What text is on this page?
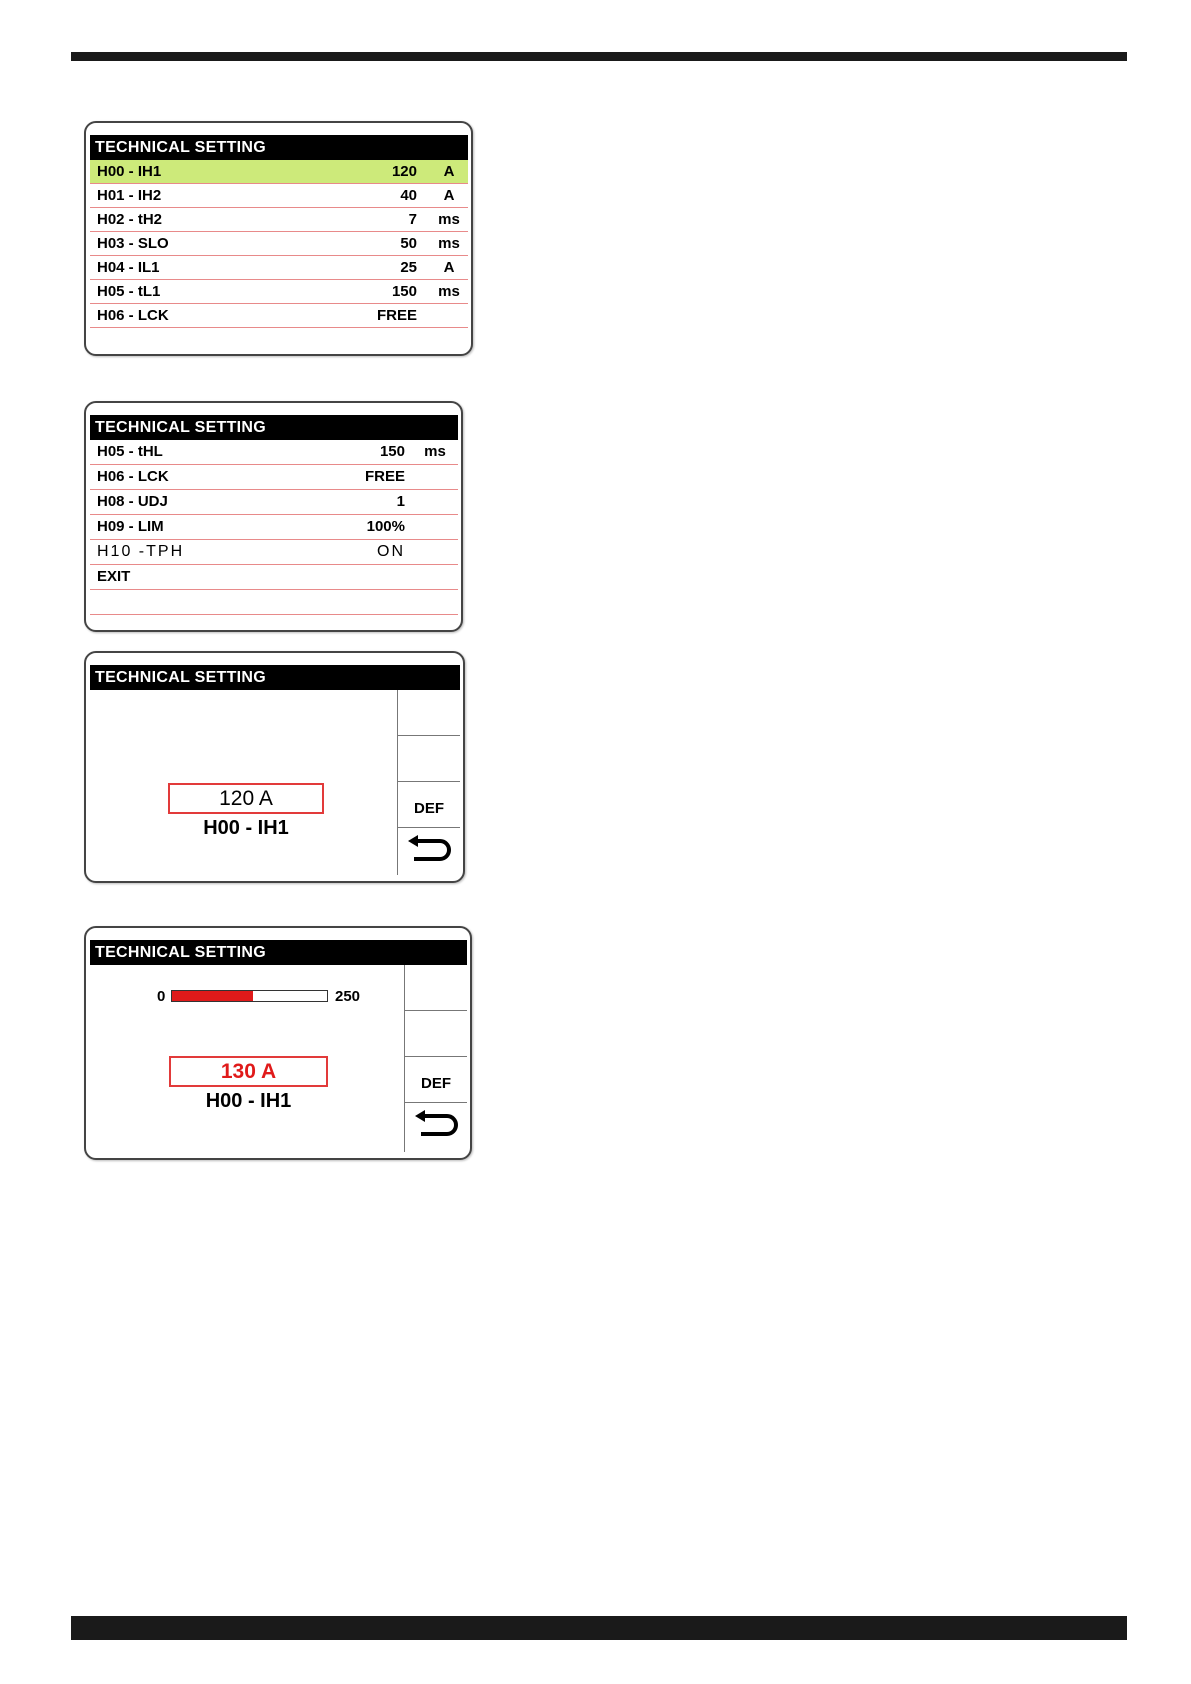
TECHNICAL SETTING
H00 - IH1	120	A
H01 - IH2	40	A
H02 - tH2	7	ms
H03 - SLO	50	ms
H04 - IL1	25	A
H05 - tL1	150	ms
H06 - LCK	FREE
TECHNICAL SETTING
H05 - tHL	150	ms
H06 - LCK	FREE
H08 - UDJ	1
H09 - LIM	100%
H10 -TPH	ON
EXIT
TECHNICAL SETTING
120 A
H00 - IH1
DEF
TECHNICAL SETTING
0	250
130 A
H00 - IH1
DEF
